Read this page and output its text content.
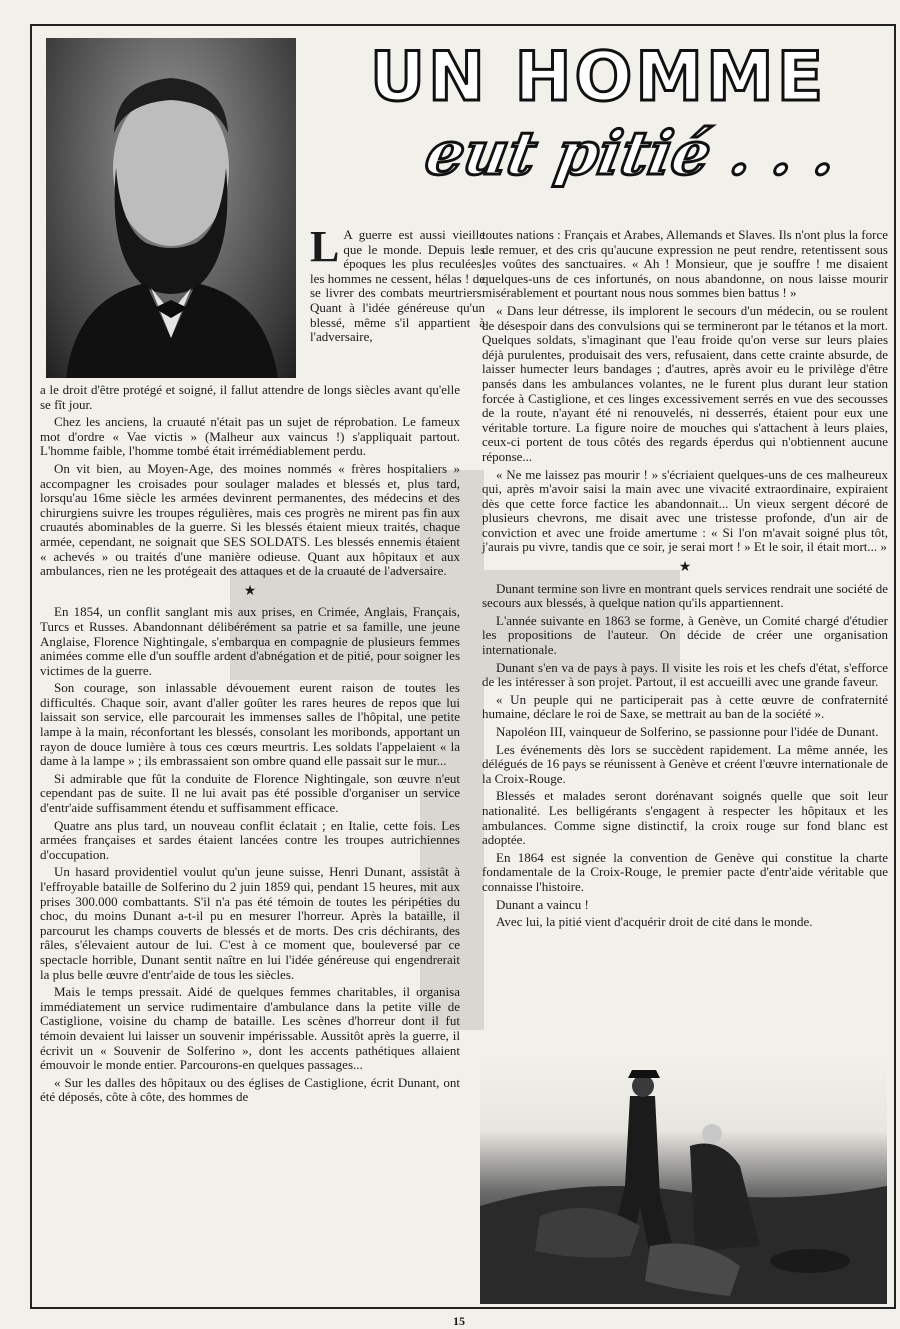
UN HOMME
eut pitié . . .

L A guerre est aussi vieille que le monde. Depuis les époques les plus reculées, les hommes ne cessent, hélas ! de se livrer des combats meurtriers. Quant à l'idée généreuse qu'un blessé, même s'il appartient à l'adversaire,

a le droit d'être protégé et soigné, il fallut attendre de longs siècles avant qu'elle se fît jour.

Chez les anciens, la cruauté n'était pas un sujet de réprobation. Le fameux mot d'ordre « Vae victis » (Malheur aux vaincus !) s'appliquait partout. L'homme faible, l'homme tombé était irrémédiablement perdu.

On vit bien, au Moyen-Age, des moines nommés « frères hospitaliers » accompagner les croisades pour soulager malades et blessés et, plus tard, lorsqu'au 16me siècle les armées devinrent permanentes, des médecins et des chirurgiens suivre les troupes régulières, mais ces progrès ne mirent pas fin aux cruautés abominables de la guerre. Si les blessés étaient mieux traités, chaque armée, cependant, ne soignait que SES SOLDATS. Les blessés ennemis étaient « achevés » ou traités d'une manière odieuse. Quant aux hôpitaux et aux ambulances, rien ne les protégeait des attaques et de la cruauté de l'adversaire.

★

En 1854, un conflit sanglant mis aux prises, en Crimée, Anglais, Français, Turcs et Russes. Abandonnant délibérément sa patrie et sa famille, une jeune Anglaise, Florence Nightingale, s'embarqua en compagnie de plusieurs femmes animées comme elle d'un souffle ardent d'abnégation et de pitié, pour soigner les victimes de la guerre.

Son courage, son inlassable dévouement eurent raison de toutes les difficultés. Chaque soir, avant d'aller goûter les rares heures de repos que lui laissait son service, elle parcourait les immenses salles de l'hôpital, une petite lampe à la main, réconfortant les blessés, consolant les moribonds, apportant un rayon de douce lumière à tous ces cœurs meurtris. Les soldats l'appelaient « la dame à la lampe » ; ils embrassaient son ombre quand elle passait sur le mur...

Si admirable que fût la conduite de Florence Nightingale, son œuvre n'eut cependant pas de suite. Il ne lui avait pas été possible d'organiser un service d'entr'aide suffisamment étendu et suffisamment efficace.

Quatre ans plus tard, un nouveau conflit éclatait ; en Italie, cette fois. Les armées françaises et sardes étaient lancées contre les troupes autrichiennes d'occupation.

Un hasard providentiel voulut qu'un jeune suisse, Henri Dunant, assistât à l'effroyable bataille de Solferino du 2 juin 1859 qui, pendant 15 heures, mit aux prises 300.000 combattants. S'il n'a pas été témoin de toutes les péripéties du choc, du moins Dunant a-t-il pu en mesurer l'horreur. Après la bataille, il parcourut les champs couverts de blessés et de morts. Des cris déchirants, des râles, s'élevaient autour de lui. C'est à ce moment que, bouleversé par ce spectacle horrible, Dunant sentit naître en lui l'idée généreuse qui engendrerait la plus belle œuvre d'entr'aide de tous les siècles.

Mais le temps pressait. Aidé de quelques femmes charitables, il organisa immédiatement un service rudimentaire d'ambulance dans la petite ville de Castiglione, voisine du champ de bataille. Les scènes d'horreur dont il fut témoin devaient lui laisser un souvenir impérissable. Aussitôt après la guerre, il écrivit un « Souvenir de Solferino », dont les accents pathétiques allaient émouvoir le monde entier. Parcourons-en quelques passages...

« Sur les dalles des hôpitaux ou des églises de Castiglione, écrit Dunant, ont été déposés, côte à côte, des hommes de

toutes nations : Français et Arabes, Allemands et Slaves. Ils n'ont plus la force de remuer, et des cris qu'aucune expression ne peut rendre, retentissent sous les voûtes des sanctuaires. « Ah ! Monsieur, que je souffre ! me disaient quelques-uns de ces infortunés, on nous abandonne, on nous laisse mourir misérablement et pourtant nous nous sommes bien battus ! »

« Dans leur détresse, ils implorent le secours d'un médecin, ou se roulent de désespoir dans des convulsions qui se termineront par le tétanos et la mort. Quelques soldats, s'imaginant que l'eau froide qu'on verse sur leurs plaies déjà purulentes, produisait des vers, refusaient, dans cette crainte absurde, de laisser humecter leurs bandages ; d'autres, après avoir eu le privilège d'être pansés dans les ambulances volantes, ne le furent plus durant leur station forcée à Castiglione, et ces linges excessivement serrés en vue des secousses de la route, n'ayant été ni renouvelés, ni desserrés, étaient pour eux une véritable torture. La figure noire de mouches qui s'attachent à leurs plaies, ceux-ci portent de tous côtés des regards éperdus qui n'obtiennent aucune réponse...

« Ne me laissez pas mourir ! » s'écriaient quelques-uns de ces malheureux qui, après m'avoir saisi la main avec une vivacité extraordinaire, expiraient dès que cette force factice les abandonnait... Un vieux sergent décoré de plusieurs chevrons, me disait avec une tristesse profonde, d'un air de conviction et avec une froide amertume : « Si l'on m'avait soigné plus tôt, j'aurais pu vivre, tandis que ce soir, je serai mort ! » Et le soir, il était mort... »

★

Dunant termine son livre en montrant quels services rendrait une société de secours aux blessés, à quelque nation qu'ils appartiennent.

L'année suivante en 1863 se forme, à Genève, un Comité chargé d'étudier les propositions de l'auteur. On décide de créer une organisation internationale.

Dunant s'en va de pays à pays. Il visite les rois et les chefs d'état, s'efforce de les intéresser à son projet. Partout, il est accueilli avec une grande faveur.

« Un peuple qui ne participerait pas à cette œuvre de confraternité humaine, déclare le roi de Saxe, se mettrait au ban de la société ».

Napoléon III, vainqueur de Solferino, se passionne pour l'idée de Dunant.

Les événements dès lors se succèdent rapidement. La même année, les délégués de 16 pays se réunissent à Genève et créent l'œuvre internationale de la Croix-Rouge.

Blessés et malades seront dorénavant soignés quelle que soit leur nationalité. Les belligérants s'engagent à respecter les hôpitaux et les ambulances. Comme signe distinctif, la croix rouge sur fond blanc est adoptée.

En 1864 est signée la convention de Genève qui constitue la charte fondamentale de la Croix-Rouge, le premier pacte d'entr'aide véritable que connaisse l'histoire.

Dunant a vaincu !

Avec lui, la pitié vient d'acquérir droit de cité dans le monde.

15
